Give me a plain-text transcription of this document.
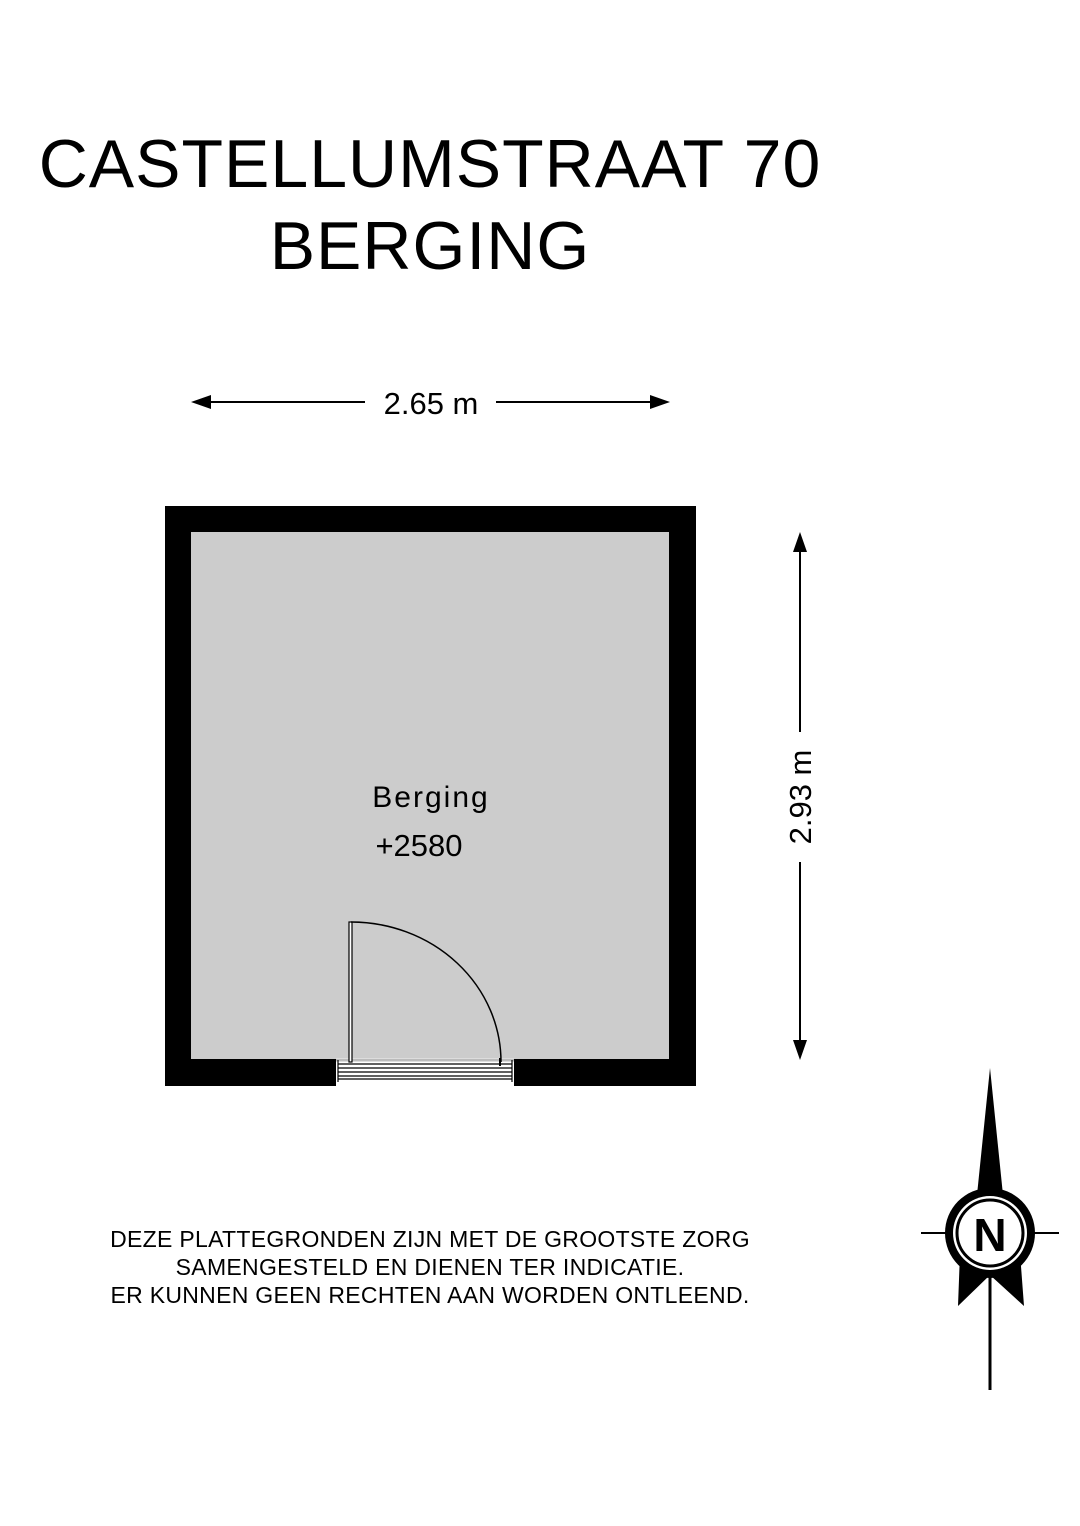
CASTELLUMSTRAAT 70
BERGING
2.65 m
2.93 m
Berging
+2580
N
DEZE PLATTEGRONDEN ZIJN MET DE GROOTSTE ZORG
SAMENGESTELD EN DIENEN TER INDICATIE.
ER KUNNEN GEEN RECHTEN AAN WORDEN ONTLEEND.
